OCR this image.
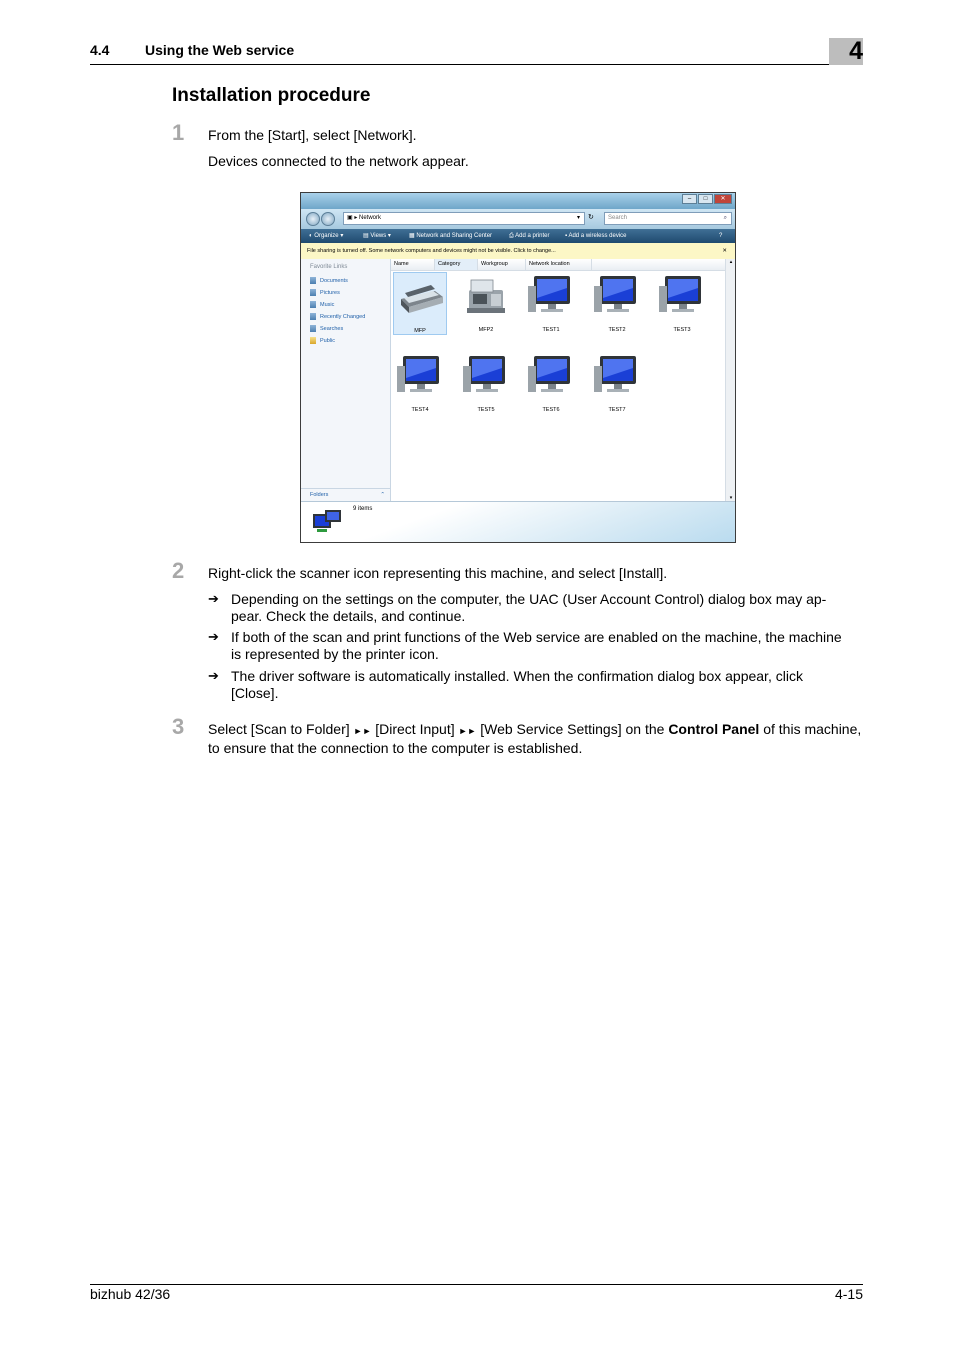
4.4	Using the Web service	4
Installation procedure
1 From the [Start], select [Network].
Devices connected to the network appear.
–	□	✕
▣ ▸ Network	▾ ↻	Search	⌕
◐ Organize ▾	▤ Views ▾	▦ Network and Sharing Center	⎙ Add a printer	▪ Add a wireless device	?
File sharing is turned off. Some network computers and devices might not be visible. Click to change...	✕
Favorite Links
Documents
Pictures
Music
Recently Changed
Searches
Public
Folders	⌃
Name	Category	Workgroup	Network location	▴
▾
MFP	MFP2	TEST1	TEST2	TEST3
TEST4	TEST5	TEST6	TEST7
9 items
2 Right-click the scanner icon representing this machine, and select [Install].
➔ Depending on the settings on the computer, the UAC (User Account Control) dialog box may ap-
pear. Check the details, and continue.
➔ If both of the scan and print functions of the Web service are enabled on the machine, the machine
is represented by the printer icon.
➔ The driver software is automatically installed. When the confirmation dialog box appear, click
[Close].
3 Select [Scan to Folder] ►► [Direct Input] ►► [Web Service Settings] on the Control Panel of this machine,
to ensure that the connection to the computer is established.
bizhub 42/36	4-15
